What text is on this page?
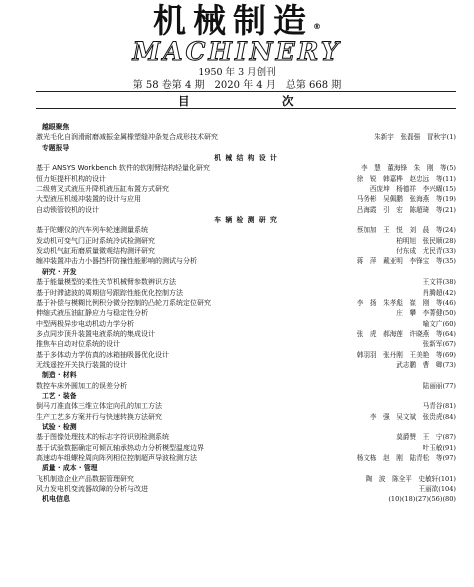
机械制造®
MACHINERY
1950 年 3 月创刊
第 58 卷第 4 期　2020 年 4 月　总第 668 期
目	次
越眼聚焦
激光毛化自润滑耐磨减振金属橡塑缝冲条复合成形技术研究	朱新宇　张磊强　冒秋宇(1)
专题报导
机 械 结 构 设 计
基于 ANSYS Workbench 软件的软刚臂结构轻量化研究	李　慧　董海锋　朱　刚　等(5)
恒力矩提杆机构的设计	徐　锐　韩嘉桦　赵忠远　等(11)
二级剪叉式液压升降机液压缸布置方式研究	西庞坤　杨德祥　李兴曜(15)
大型液压机缓冲装置的设计与应用	马务彬　吴佩鹏　张海燕　等(19)
自动锁管铰机的设计	吕海霞　引　宏　陈超琦　等(21)
车 辆 检 测 研 究
基于陀螺仪的汽车列车轮速测量系统	蔡加加　王　悦　刘　晨　等(24)
发动机可变气门正时系统冷试检测研究	柏明旭　张民顺(28)
发动机气缸珩磨质量微观结构测评研究	付东成　尤民青(33)
缠冲装置冲击力小器挡杆防撞性能影响的测试与分析	蒋　萍　戴亚明　李锋宝　等(35)
研究 · 开发
基于能量模型的柔性关节机械臂参数辨识方法	王文祥(38)
基于时滞滤波的周期信号跟踪性能优化控制方法	肖腾超(42)
基于补偿与模糊比例积分微分控制的凸轮刀系统定位研究	李　扬　朱孝彪　崔　刚　等(46)
伸缩式液压油缸静应力与稳定性分析	庄　攀　李菁健(50)
中型两极异步电动机动力学分析	喻文广(60)
多点同步顶升装置电液系统的集成设计	张　虎　郝海莲　许晓燕　等(64)
推焦车自动对位系统的设计	张新军(67)
基于多体动力学仿真的冰箱抽吸器优化设计	韩羽羽　张丹刚　王美艳　等(69)
无线遥控开关执行装置的设计	武志鹏　曹　卿(73)
制造 · 材料
数控车床外圆加工的误差分析	陆丽丽(77)
工艺 · 装备
倒马刀准直体三维立体定向孔的加工方法	马青谷(81)
生产工艺多方案并行与快速转换方法研究	李　强　吴文斌　张贵虎(84)
试验 · 检测
基于图像处理技术的标志字符识别检测系统	莫爵赞　王　宁(87)
基于试验数据确定可倾瓦轴承热动力分析模型温度边界	叶玉敏(91)
高速动车组螺栓周向阵列相位控制超声导波检测方法	杨文栋　赵　刚　陆青松　等(97)
质量 · 成本 · 管理
飞机制造企业产品数据管理研究	陶　波　陈全平　史敏轩(101)
风力发电机变流器故障的分析与改进	王丽欲(104)
机电信息	(10)(18)(27)(56)(80)
